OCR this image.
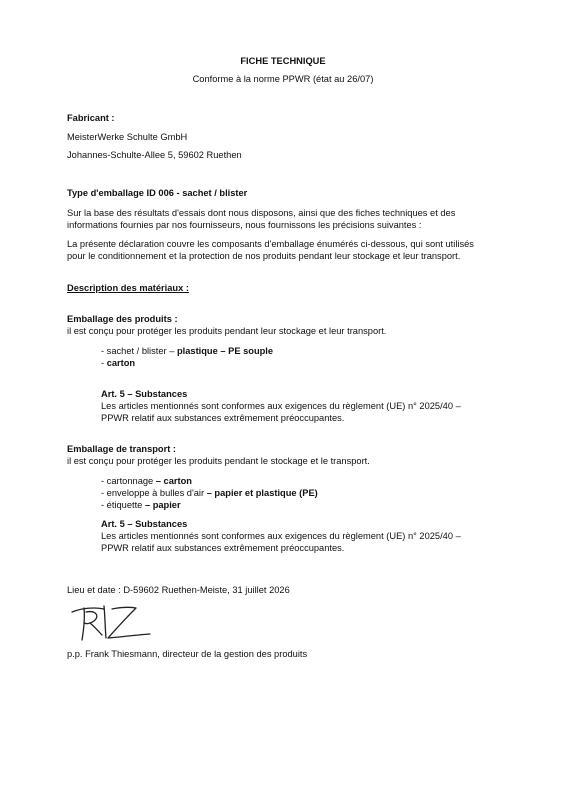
FICHE TECHNIQUE
Conforme à la norme PPWR (état au 26/07)
Fabricant :
MeisterWerke Schulte GmbH
Johannes-Schulte-Allee 5, 59602 Ruethen
Type d'emballage ID 006 - sachet / blister
Sur la base des résultats d'essais dont nous disposons, ainsi que des fiches techniques et des
informations fournies par nos fournisseurs, nous fournissons les précisions suivantes :
La présente déclaration couvre les composants d'emballage énumérés ci-dessous, qui sont utilisés
pour le conditionnement et la protection de nos produits pendant leur stockage et leur transport.
Description des matériaux :
Emballage des produits :
il est conçu pour protéger les produits pendant leur stockage et leur transport.
- sachet / blister – plastique – PE souple
- carton
Art. 5 – Substances
Les articles mentionnés sont conformes aux exigences du règlement (UE) n° 2025/40 –
PPWR relatif aux substances extrêmement préoccupantes.
Emballage de transport :
il est conçu pour protéger les produits pendant le stockage et le transport.
- cartonnage – carton
- enveloppe à bulles d'air – papier et plastique (PE)
- étiquette – papier
Art. 5 – Substances
Les articles mentionnés sont conformes aux exigences du règlement (UE) n° 2025/40 –
PPWR relatif aux substances extrêmement préoccupantes.
Lieu et date : D-59602 Ruethen-Meiste, 31 juillet 2026
p.p. Frank Thiesmann, directeur de la gestion des produits
